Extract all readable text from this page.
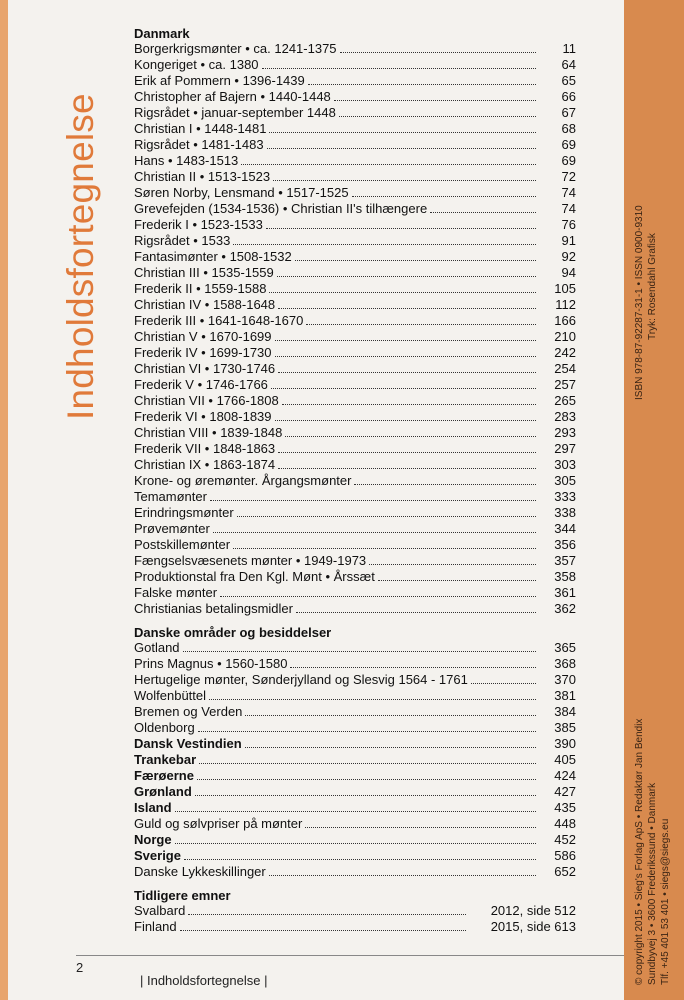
Indholdsfortegnelse
Danmark
Borgerkrigsmønter • ca. 1241-1375	11
Kongeriget • ca. 1380	64
Erik af Pommern • 1396-1439	65
Christopher af Bajern • 1440-1448	66
Rigsrådet • januar-september 1448	67
Christian I • 1448-1481	68
Rigsrådet • 1481-1483	69
Hans • 1483-1513	69
Christian II • 1513-1523	72
Søren Norby, Lensmand • 1517-1525	74
Grevefejden (1534-1536) • Christian II's tilhængere	74
Frederik I • 1523-1533	76
Rigsrådet • 1533	91
Fantasimønter • 1508-1532	92
Christian III • 1535-1559	94
Frederik II • 1559-1588	105
Christian IV • 1588-1648	112
Frederik III • 1641-1648-1670	166
Christian V • 1670-1699	210
Frederik IV • 1699-1730	242
Christian VI • 1730-1746	254
Frederik V • 1746-1766	257
Christian VII • 1766-1808	265
Frederik VI • 1808-1839	283
Christian VIII • 1839-1848	293
Frederik VII • 1848-1863	297
Christian IX • 1863-1874	303
Krone- og øremønter. Årgangsmønter	305
Temamønter	333
Erindringsmønter	338
Prøvemønter	344
Postskillemønter	356
Fængselsvæsenets mønter • 1949-1973	357
Produktionstal fra Den Kgl. Mønt • Årssæt	358
Falske mønter	361
Christianias betalingsmidler	362
Danske områder og besiddelser
Gotland	365
Prins Magnus • 1560-1580	368
Hertugelige mønter, Sønderjylland og Slesvig 1564 - 1761	370
Wolfenbüttel	381
Bremen og Verden	384
Oldenborg	385
Dansk Vestindien	390
Trankebar	405
Færøerne	424
Grønland	427
Island	435
Guld og sølvpriser på mønter	448
Norge	452
Sverige	586
Danske Lykkeskillinger	652
Tidligere emner
Svalbard	2012, side 512
Finland	2015, side 613
2
| Indholdsfortegnelse |
ISBN 978-87-92287-31-1 • ISSN 0900-9310 Tryk: Rosendahl Grafisk
© copyright 2015 • Sieg's Forlag ApS • Redaktør Jan Bendix Sundbyvej 3 • 3600 Frederikssund • Danmark Tlf. +45 401 53 401 • siegs@siegs.eu
